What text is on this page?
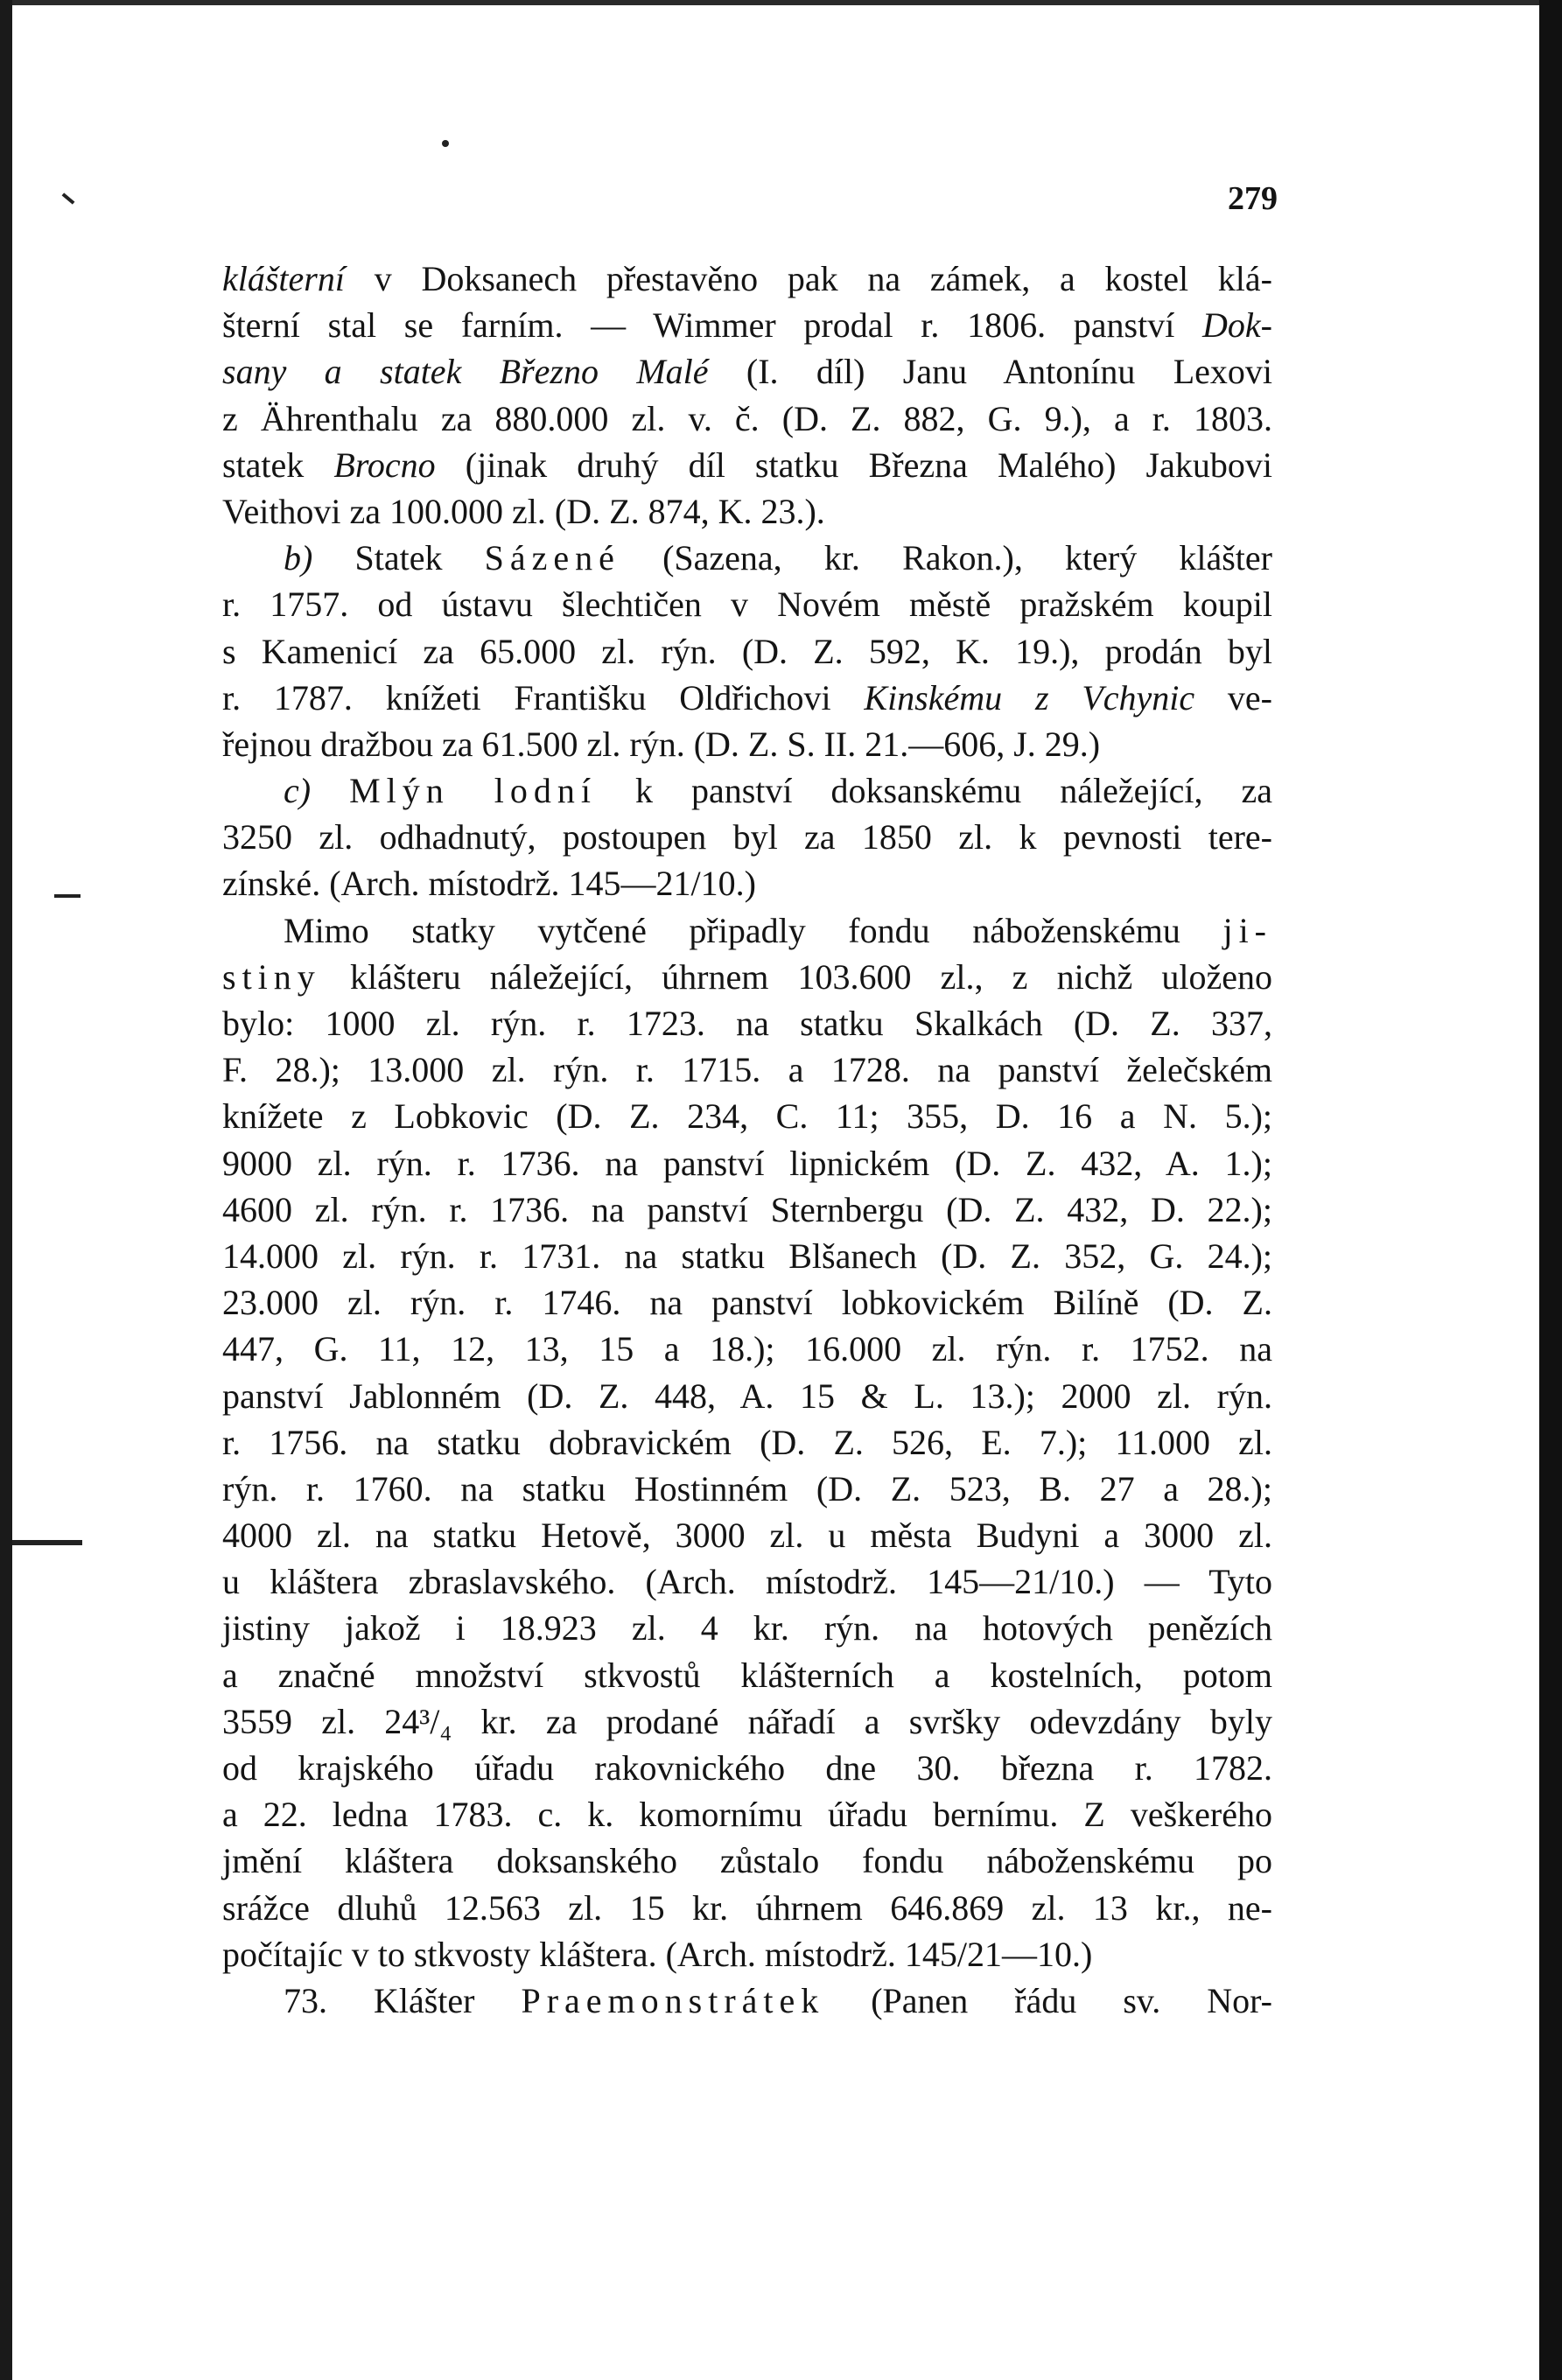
279
klášterní v Doksanech přestavěno pak na zámek, a kostel klá-
šterní stal se farním. — Wimmer prodal r. 1806. panství Dok-
sany a statek Březno Malé (I. díl) Janu Antonínu Lexovi
z Ährenthalu za 880.000 zl. v. č. (D. Z. 882, G. 9.), a r. 1803.
statek Brocno (jinak druhý díl statku Března Malého) Jakubovi
Veithovi za 100.000 zl. (D. Z. 874, K. 23.).
b) Statek Sázené (Sazena, kr. Rakon.), který klášter
r. 1757. od ústavu šlechtičen v Novém městě pražském koupil
s Kamenicí za 65.000 zl. rýn. (D. Z. 592, K. 19.), prodán byl
r. 1787. knížeti Františku Oldřichovi Kinskému z Vchynic ve-
řejnou dražbou za 61.500 zl. rýn. (D. Z. S. II. 21.—606, J. 29.)
c) Mlýn lodní k panství doksanskému náležející, za
3250 zl. odhadnutý, postoupen byl za 1850 zl. k pevnosti tere-
zínské. (Arch. místodrž. 145—21/10.)
Mimo statky vytčené připadly fondu náboženskému ji-
stiny klášteru náležející, úhrnem 103.600 zl., z nichž uloženo
bylo: 1000 zl. rýn. r. 1723. na statku Skalkách (D. Z. 337,
F. 28.); 13.000 zl. rýn. r. 1715. a 1728. na panství želečském
knížete z Lobkovic (D. Z. 234, C. 11; 355, D. 16 a N. 5.);
9000 zl. rýn. r. 1736. na panství lipnickém (D. Z. 432, A. 1.);
4600 zl. rýn. r. 1736. na panství Sternbergu (D. Z. 432, D. 22.);
14.000 zl. rýn. r. 1731. na statku Blšanech (D. Z. 352, G. 24.);
23.000 zl. rýn. r. 1746. na panství lobkovickém Bilíně (D. Z.
447, G. 11, 12, 13, 15 a 18.); 16.000 zl. rýn. r. 1752. na
panství Jablonném (D. Z. 448, A. 15 & L. 13.); 2000 zl. rýn.
r. 1756. na statku dobravickém (D. Z. 526, E. 7.); 11.000 zl.
rýn. r. 1760. na statku Hostinném (D. Z. 523, B. 27 a 28.);
4000 zl. na statku Hetově, 3000 zl. u města Budyni a 3000 zl.
u kláštera zbraslavského. (Arch. místodrž. 145—21/10.) — Tyto
jistiny jakož i 18.923 zl. 4 kr. rýn. na hotových penězích
a značné množství stkvostů klášterních a kostelních, potom
3559 zl. 24³/₄ kr. za prodané nářadí a svršky odevzdány byly
od krajského úřadu rakovnického dne 30. března r. 1782.
a 22. ledna 1783. c. k. komornímu úřadu bernímu. Z veškerého
jmění kláštera doksanského zůstalo fondu náboženskému po
srážce dluhů 12.563 zl. 15 kr. úhrnem 646.869 zl. 13 kr., ne-
počítajíc v to stkvosty kláštera. (Arch. místodrž. 145/21—10.)
73. Klášter Praemonstrátek (Panen řádu sv. Nor-
